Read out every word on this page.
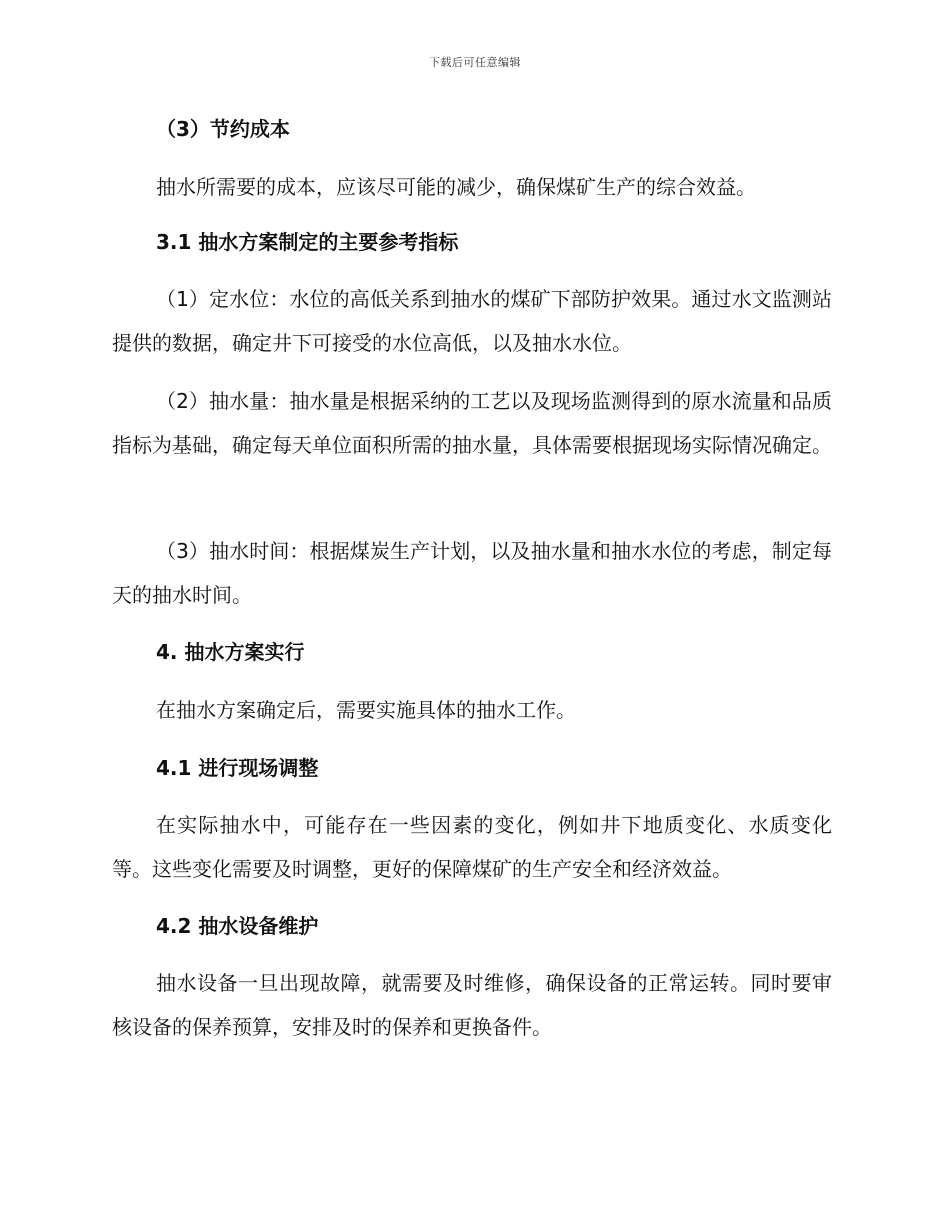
下载后可任意编辑

（3）节约成本

抽水所需要的成本，应该尽可能的减少，确保煤矿生产的综合效益。

3.1 抽水方案制定的主要参考指标

（1）定水位：水位的高低关系到抽水的煤矿下部防护效果。通过水文监测站提供的数据，确定井下可接受的水位高低，以及抽水水位。

（2）抽水量：抽水量是根据采纳的工艺以及现场监测得到的原水流量和品质指标为基础，确定每天单位面积所需的抽水量，具体需要根据现场实际情况确定。

（3）抽水时间：根据煤炭生产计划，以及抽水量和抽水水位的考虑，制定每天的抽水时间。

4. 抽水方案实行

在抽水方案确定后，需要实施具体的抽水工作。

4.1 进行现场调整

在实际抽水中，可能存在一些因素的变化，例如井下地质变化、水质变化等。这些变化需要及时调整，更好的保障煤矿的生产安全和经济效益。

4.2 抽水设备维护

抽水设备一旦出现故障，就需要及时维修，确保设备的正常运转。同时要审核设备的保养预算，安排及时的保养和更换备件。
